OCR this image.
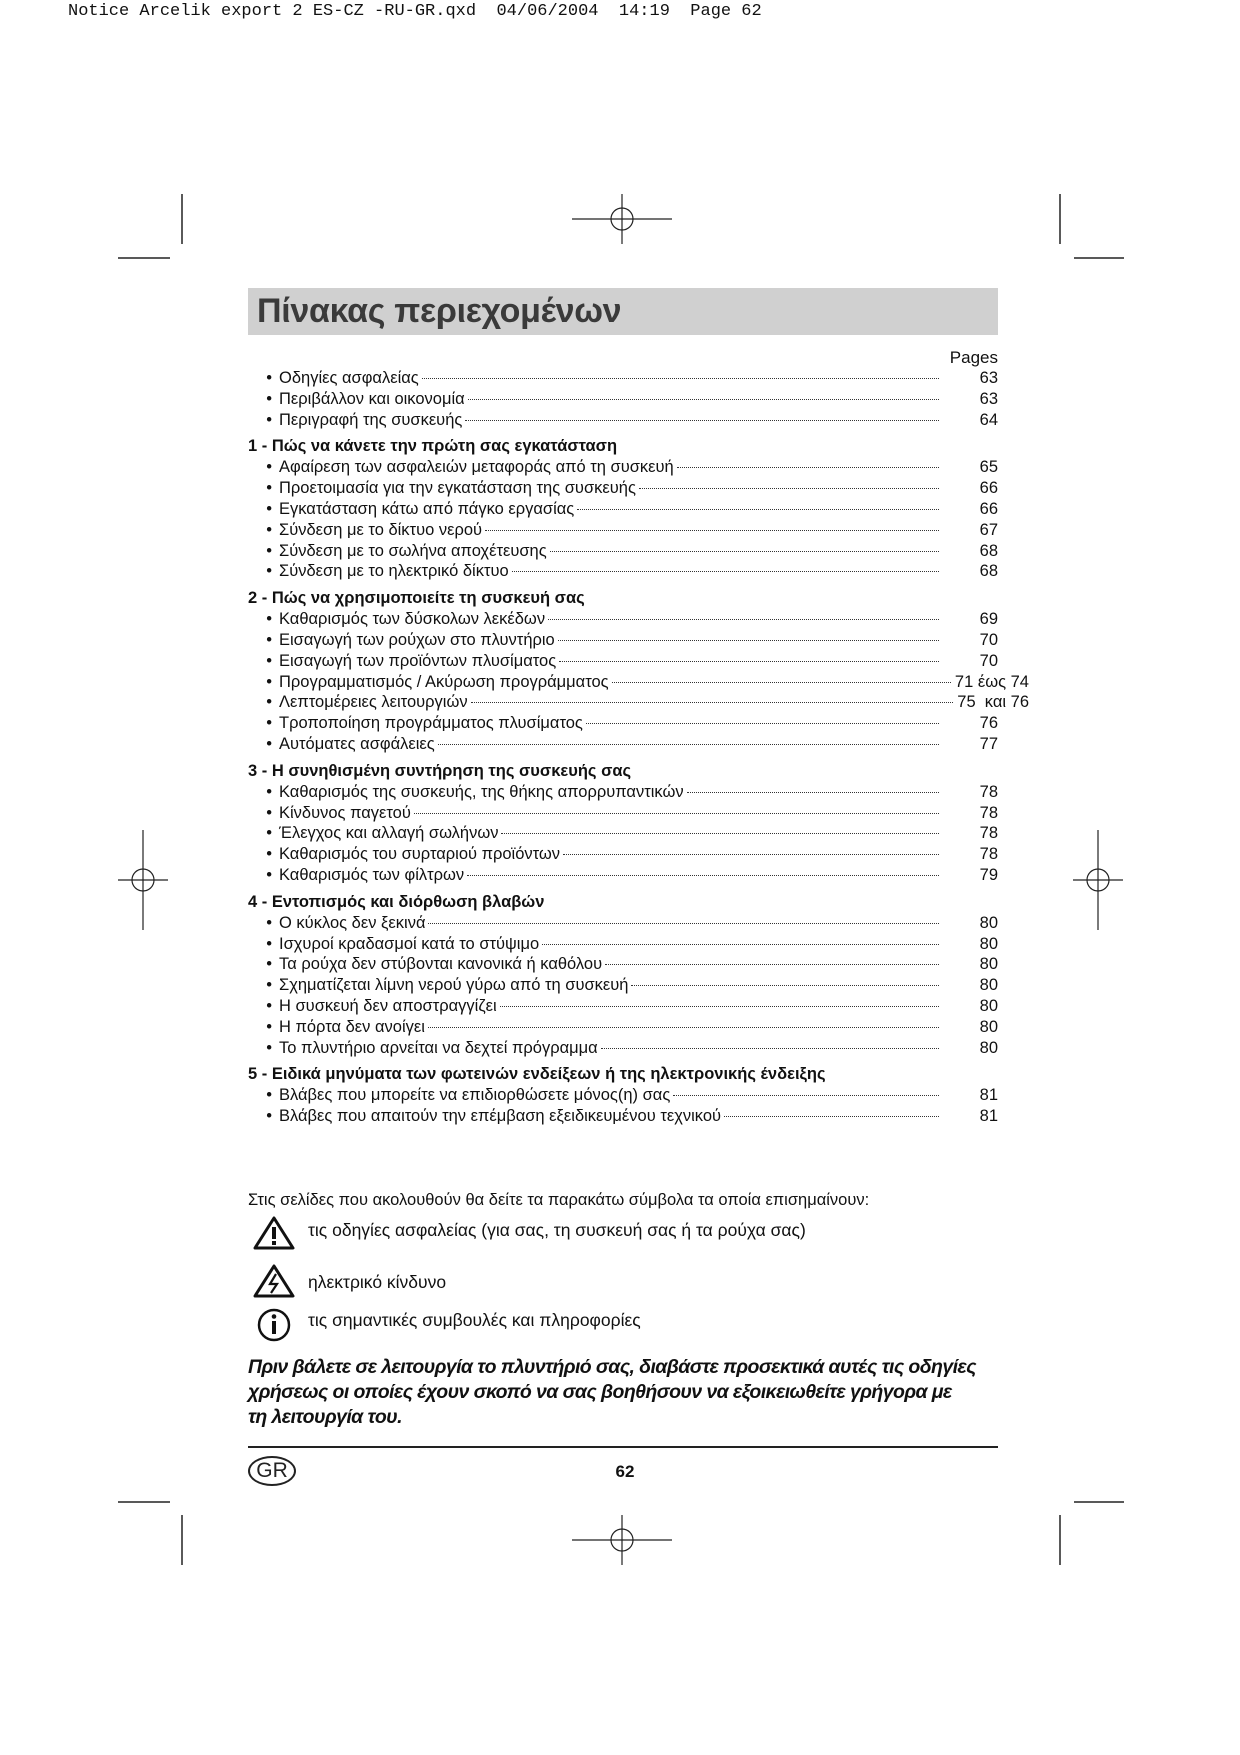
Notice Arcelik export 2 ES-CZ -RU-GR.qxd  04/06/2004  14:19  Page 62
Πίνακας περιεχομένων
Pages
• Οδηγίες ασφαλείας	63
• Περιβάλλον και οικονομία	63
• Περιγραφή της συσκευής	64
1 - Πώς να κάνετε την πρώτη σας εγκατάσταση
• Αφαίρεση των ασφαλειών μεταφοράς από τη συσκευή	65
• Προετοιμασία για την εγκατάσταση της συσκευής	66
• Εγκατάσταση κάτω από πάγκο εργασίας	66
• Σύνδεση με το δίκτυο νερού	67
• Σύνδεση με το σωλήνα αποχέτευσης	68
• Σύνδεση με το ηλεκτρικό δίκτυο	68
2 - Πώς να χρησιμοποιείτε τη συσκευή σας
• Καθαρισμός των δύσκολων λεκέδων	69
• Εισαγωγή των ρούχων στο πλυντήριο	70
• Εισαγωγή των προϊόντων πλυσίματος	70
• Προγραμματισμός / Ακύρωση προγράμματος	71 έως 74
• Λεπτομέρειες λειτουργιών	75  και 76
• Τροποποίηση προγράμματος πλυσίματος	76
• Αυτόματες ασφάλειες	77
3 - Η συνηθισμένη συντήρηση της συσκευής σας
• Καθαρισμός της συσκευής, της θήκης απορρυπαντικών	78
• Κίνδυνος παγετού	78
• Έλεγχος και αλλαγή σωλήνων	78
• Καθαρισμός του συρταριού προϊόντων	78
• Καθαρισμός των φίλτρων	79
4 - Εντοπισμός και διόρθωση βλαβών
• Ο κύκλος δεν ξεκινά	80
• Ισχυροί κραδασμοί κατά το στύψιμο	80
• Τα ρούχα δεν στύβονται κανονικά ή καθόλου	80
• Σχηματίζεται λίμνη νερού γύρω από τη συσκευή	80
• Η συσκευή δεν αποστραγγίζει	80
• Η πόρτα δεν ανοίγει	80
• Το πλυντήριο αρνείται να δεχτεί πρόγραμμα	80
5 - Ειδικά μηνύματα των φωτεινών ενδείξεων ή της ηλεκτρονικής ένδειξης
• Βλάβες που μπορείτε να επιδιορθώσετε μόνος(η) σας	81
• Βλάβες που απαιτούν την επέμβαση εξειδικευμένου τεχνικού	81
Στις σελίδες που ακολουθούν θα δείτε τα παρακάτω σύμβολα τα οποία επισημαίνουν:
τις οδηγίες ασφαλείας (για σας, τη συσκευή σας ή τα ρούχα σας)
ηλεκτρικό κίνδυνο
τις σημαντικές συμβουλές και πληροφορίες
Πριν βάλετε σε λειτουργία το πλυντήριό σας, διαβάστε προσεκτικά αυτές τις οδηγίες
χρήσεως οι οποίες έχουν σκοπό να σας βοηθήσουν να εξοικειωθείτε γρήγορα με
τη λειτουργία του.
GR	62
